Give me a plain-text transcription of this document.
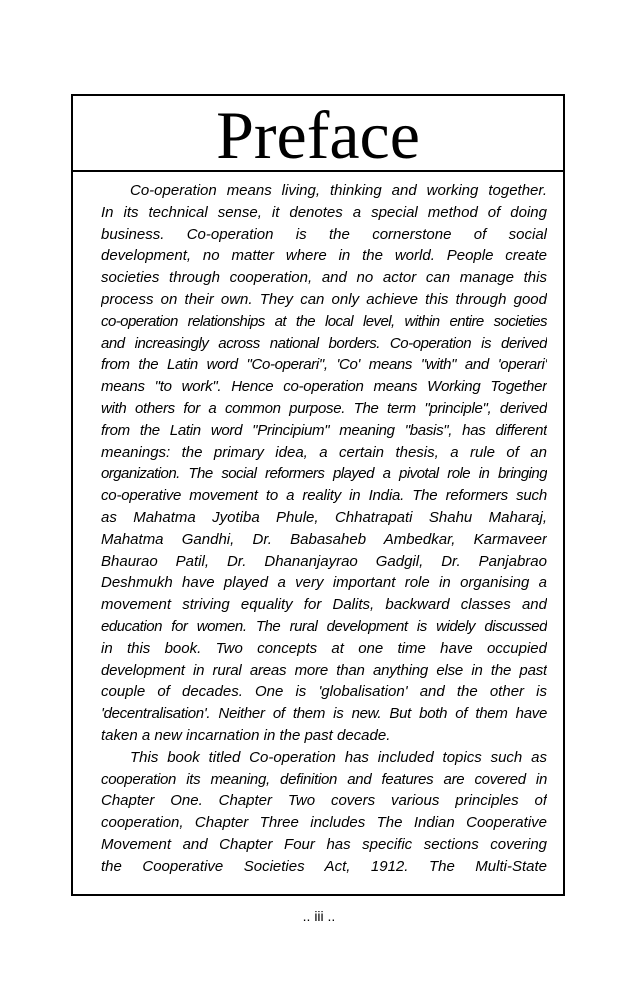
Preface
Co-operation means living, thinking and working together.
In its technical sense, it denotes a special method of doing
business. Co-operation is the cornerstone of social
development, no matter where in the world. People create
societies through cooperation, and no actor can manage this
process on their own. They can only achieve this through good
co-operation relationships at the local level, within entire societies
and increasingly across national borders. Co-operation is derived
from the Latin word "Co-operari", 'Co' means "with" and 'operari'
means "to work". Hence co-operation means Working Together
with others for a common purpose. The term "principle", derived
from the Latin word "Principium" meaning "basis", has different
meanings: the primary idea, a certain thesis, a rule of an
organization. The social reformers played a pivotal role in bringing
co-operative movement to a reality in India. The reformers such
as Mahatma Jyotiba Phule, Chhatrapati Shahu Maharaj,
Mahatma Gandhi, Dr. Babasaheb Ambedkar, Karmaveer
Bhaurao Patil, Dr. Dhananjayrao Gadgil, Dr. Panjabrao
Deshmukh have played a very important role in organising a
movement striving equality for Dalits, backward classes and
education for women. The rural development is widely discussed
in this book. Two concepts at one time have occupied
development in rural areas more than anything else in the past
couple of decades. One is 'globalisation' and the other is
'decentralisation'. Neither of them is new. But both of them have
taken a new incarnation in the past decade.
This book titled Co-operation has included topics such as
cooperation its meaning, definition and features are covered in
Chapter One. Chapter Two covers various principles of
cooperation, Chapter Three includes The Indian Cooperative
Movement and Chapter Four has specific sections covering
the Cooperative Societies Act, 1912. The Multi-State
.. iii ..
